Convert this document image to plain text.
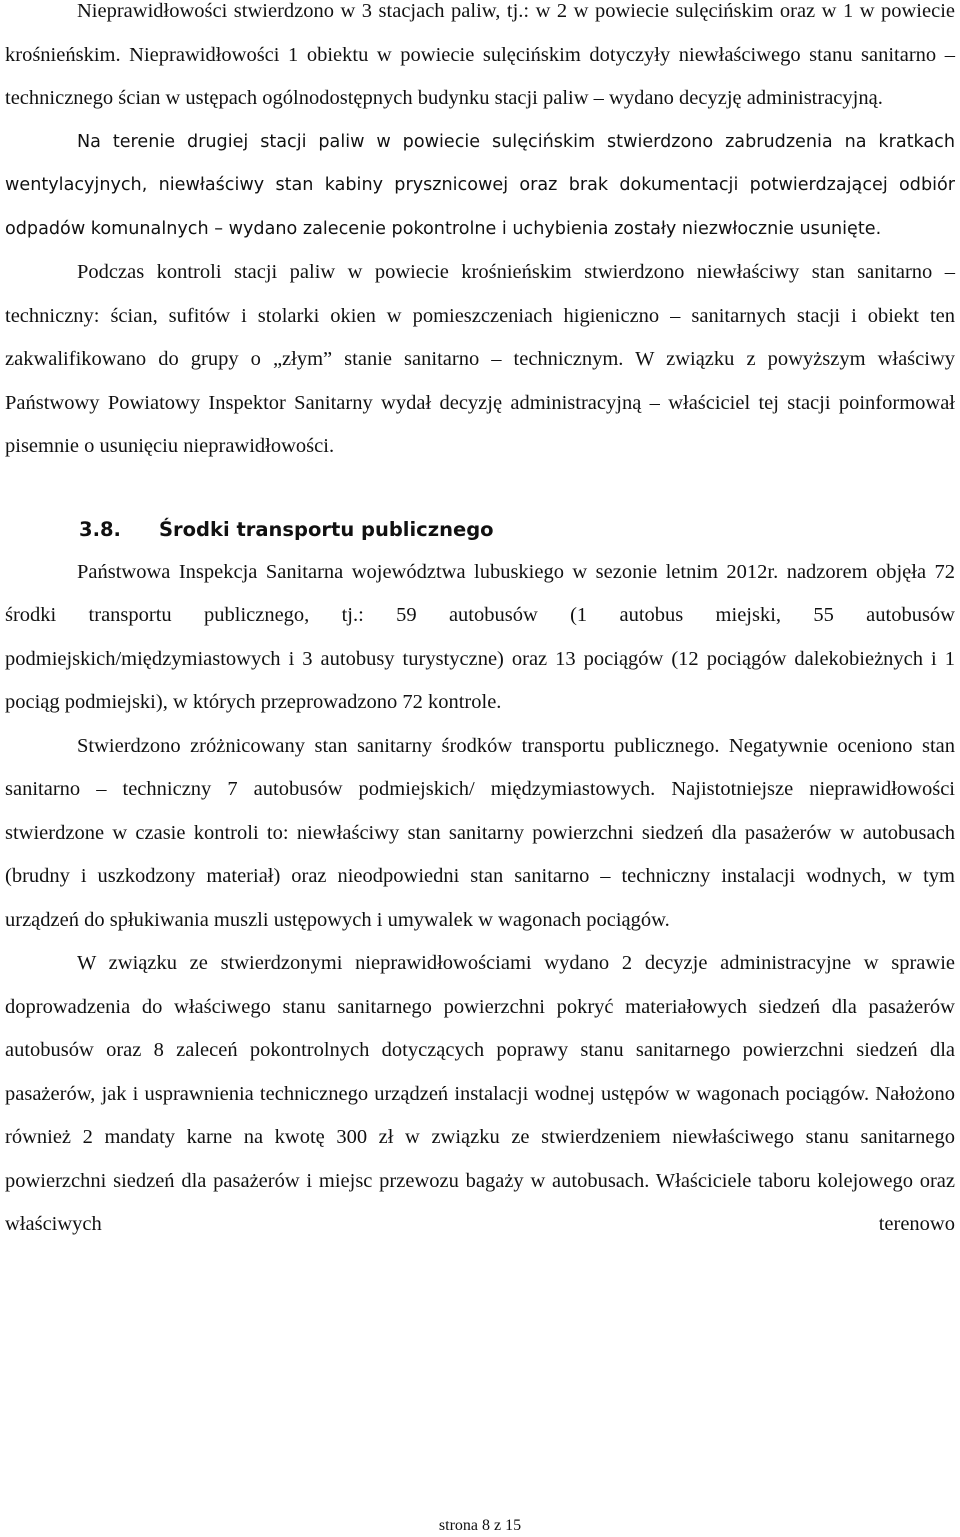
Nieprawidłowości stwierdzono w 3 stacjach paliw, tj.: w 2 w powiecie sulęcińskim oraz w 1 w powiecie krośnieńskim. Nieprawidłowości 1 obiektu w powiecie sulęcińskim dotyczyły niewłaściwego stanu sanitarno – technicznego ścian w ustępach ogólnodostępnych budynku stacji paliw – wydano decyzję administracyjną.

Na terenie drugiej stacji paliw w powiecie sulęcińskim stwierdzono zabrudzenia na kratkach wentylacyjnych, niewłaściwy stan kabiny prysznicowej oraz brak dokumentacji potwierdzającej odbiór odpadów komunalnych – wydano zalecenie pokontrolne i uchybienia zostały niezwłocznie usunięte.

Podczas kontroli stacji paliw w powiecie krośnieńskim stwierdzono niewłaściwy stan sanitarno – techniczny: ścian, sufitów i stolarki okien w pomieszczeniach higieniczno – sanitarnych stacji i obiekt ten zakwalifikowano do grupy o „złym” stanie sanitarno – technicznym. W związku z powyższym właściwy Państwowy Powiatowy Inspektor Sanitarny wydał decyzję administracyjną – właściciel tej stacji poinformował pisemnie o usunięciu nieprawidłowości.

3.8. Środki transportu publicznego

Państwowa Inspekcja Sanitarna województwa lubuskiego w sezonie letnim 2012r. nadzorem objęła 72 środki transportu publicznego, tj.: 59 autobusów (1 autobus miejski, 55 autobusów podmiejskich/międzymiastowych i 3 autobusy turystyczne) oraz 13 pociągów (12 pociągów dalekobieżnych i 1 pociąg podmiejski), w których przeprowadzono 72 kontrole.

Stwierdzono zróżnicowany stan sanitarny środków transportu publicznego. Negatywnie oceniono stan sanitarno – techniczny 7 autobusów podmiejskich/ międzymiastowych. Najistotniejsze nieprawidłowości stwierdzone w czasie kontroli to: niewłaściwy stan sanitarny powierzchni siedzeń dla pasażerów w autobusach (brudny i uszkodzony materiał) oraz nieodpowiedni stan sanitarno – techniczny instalacji wodnych, w tym urządzeń do spłukiwania muszli ustępowych i umywalek w wagonach pociągów.

W związku ze stwierdzonymi nieprawidłowościami wydano 2 decyzje administracyjne w sprawie doprowadzenia do właściwego stanu sanitarnego powierzchni pokryć materiałowych siedzeń dla pasażerów autobusów oraz 8 zaleceń pokontrolnych dotyczących poprawy stanu sanitarnego powierzchni siedzeń dla pasażerów, jak i usprawnienia technicznego urządzeń instalacji wodnej ustępów w wagonach pociągów. Nałożono również 2 mandaty karne na kwotę 300 zł w związku ze stwierdzeniem niewłaściwego stanu sanitarnego powierzchni siedzeń dla pasażerów i miejsc przewozu bagaży w autobusach. Właściciele taboru kolejowego oraz właściwych terenowo

strona 8 z 15
